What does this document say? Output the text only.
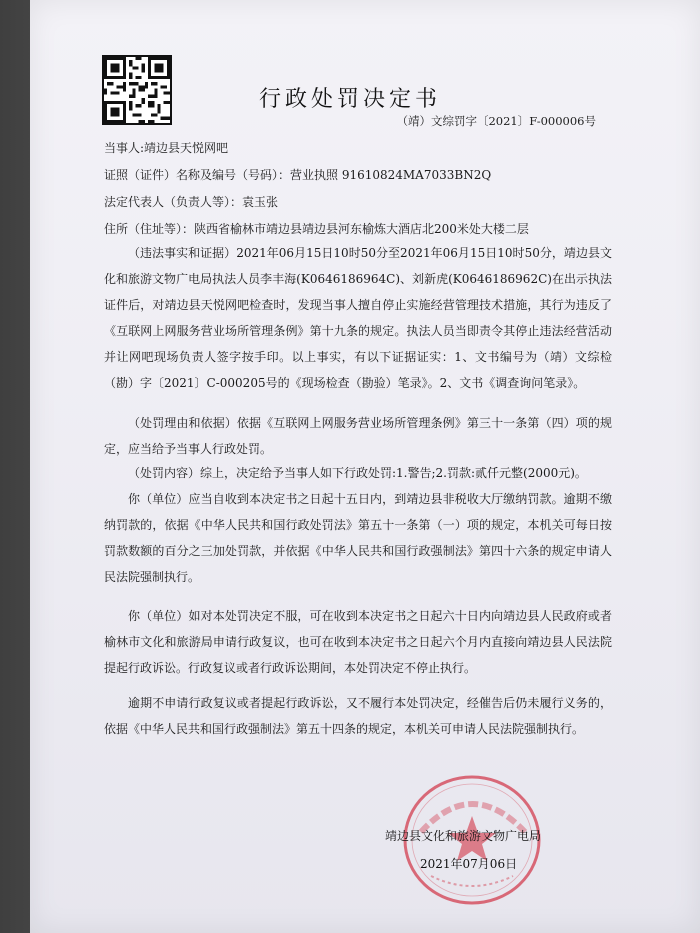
行政处罚决定书
（靖）文综罚字〔2021〕F-000006号
当事人:靖边县天悦网吧
证照（证件）名称及编号（号码）：营业执照 91610824MA7033BN2Q
法定代表人（负责人等）：袁玉张
住所（住址等）：陕西省榆林市靖边县靖边县河东榆炼大酒店北200米处大楼二层
（违法事实和证据）2021年06月15日10时50分至2021年06月15日10时50分，靖边县文化和旅游文物广电局执法人员李丰海(K0646186964C)、刘新虎(K0646186962C)在出示执法证件后，对靖边县天悦网吧检查时，发现当事人擅自停止实施经营管理技术措施，其行为违反了《互联网上网服务营业场所管理条例》第十九条的规定。执法人员当即责令其停止违法经营活动并让网吧现场负责人签字按手印。以上事实，有以下证据证实：1、文书编号为（靖）文综检（勘）字〔2021〕C-000205号的《现场检查（勘验）笔录》。2、文书《调查询问笔录》。
（处罚理由和依据）依据《互联网上网服务营业场所管理条例》第三十一条第（四）项的规定，应当给予当事人行政处罚。
（处罚内容）综上，决定给予当事人如下行政处罚:1.警告;2.罚款:贰仟元整(2000元)。
你（单位）应当自收到本决定书之日起十五日内，到靖边县非税收大厅缴纳罚款。逾期不缴纳罚款的，依据《中华人民共和国行政处罚法》第五十一条第（一）项的规定，本机关可每日按罚款数额的百分之三加处罚款，并依据《中华人民共和国行政强制法》第四十六条的规定申请人民法院强制执行。
你（单位）如对本处罚决定不服，可在收到本决定书之日起六十日内向靖边县人民政府或者榆林市文化和旅游局申请行政复议，也可在收到本决定书之日起六个月内直接向靖边县人民法院提起行政诉讼。行政复议或者行政诉讼期间，本处罚决定不停止执行。
逾期不申请行政复议或者提起行政诉讼，又不履行本处罚决定，经催告后仍未履行义务的，依据《中华人民共和国行政强制法》第五十四条的规定，本机关可申请人民法院强制执行。
靖边县文化和旅游文物广电局
2021年07月06日
